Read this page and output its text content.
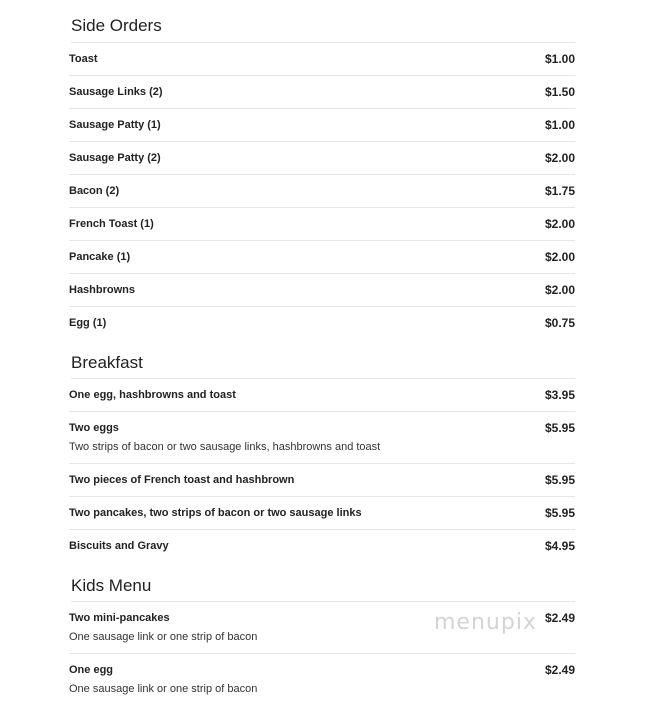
Side Orders
Toast	$1.00
Sausage Links (2)	$1.50
Sausage Patty (1)	$1.00
Sausage Patty (2)	$2.00
Bacon (2)	$1.75
French Toast (1)	$2.00
Pancake (1)	$2.00
Hashbrowns	$2.00
Egg (1)	$0.75
Breakfast
One egg, hashbrowns and toast	$3.95
Two eggs	$5.95
Two strips of bacon or two sausage links, hashbrowns and toast
Two pieces of French toast and hashbrown	$5.95
Two pancakes, two strips of bacon or two sausage links	$5.95
Biscuits and Gravy	$4.95
Kids Menu
Two mini-pancakes	$2.49
One sausage link or one strip of bacon
One egg	$2.49
One sausage link or one strip of bacon
menupix
